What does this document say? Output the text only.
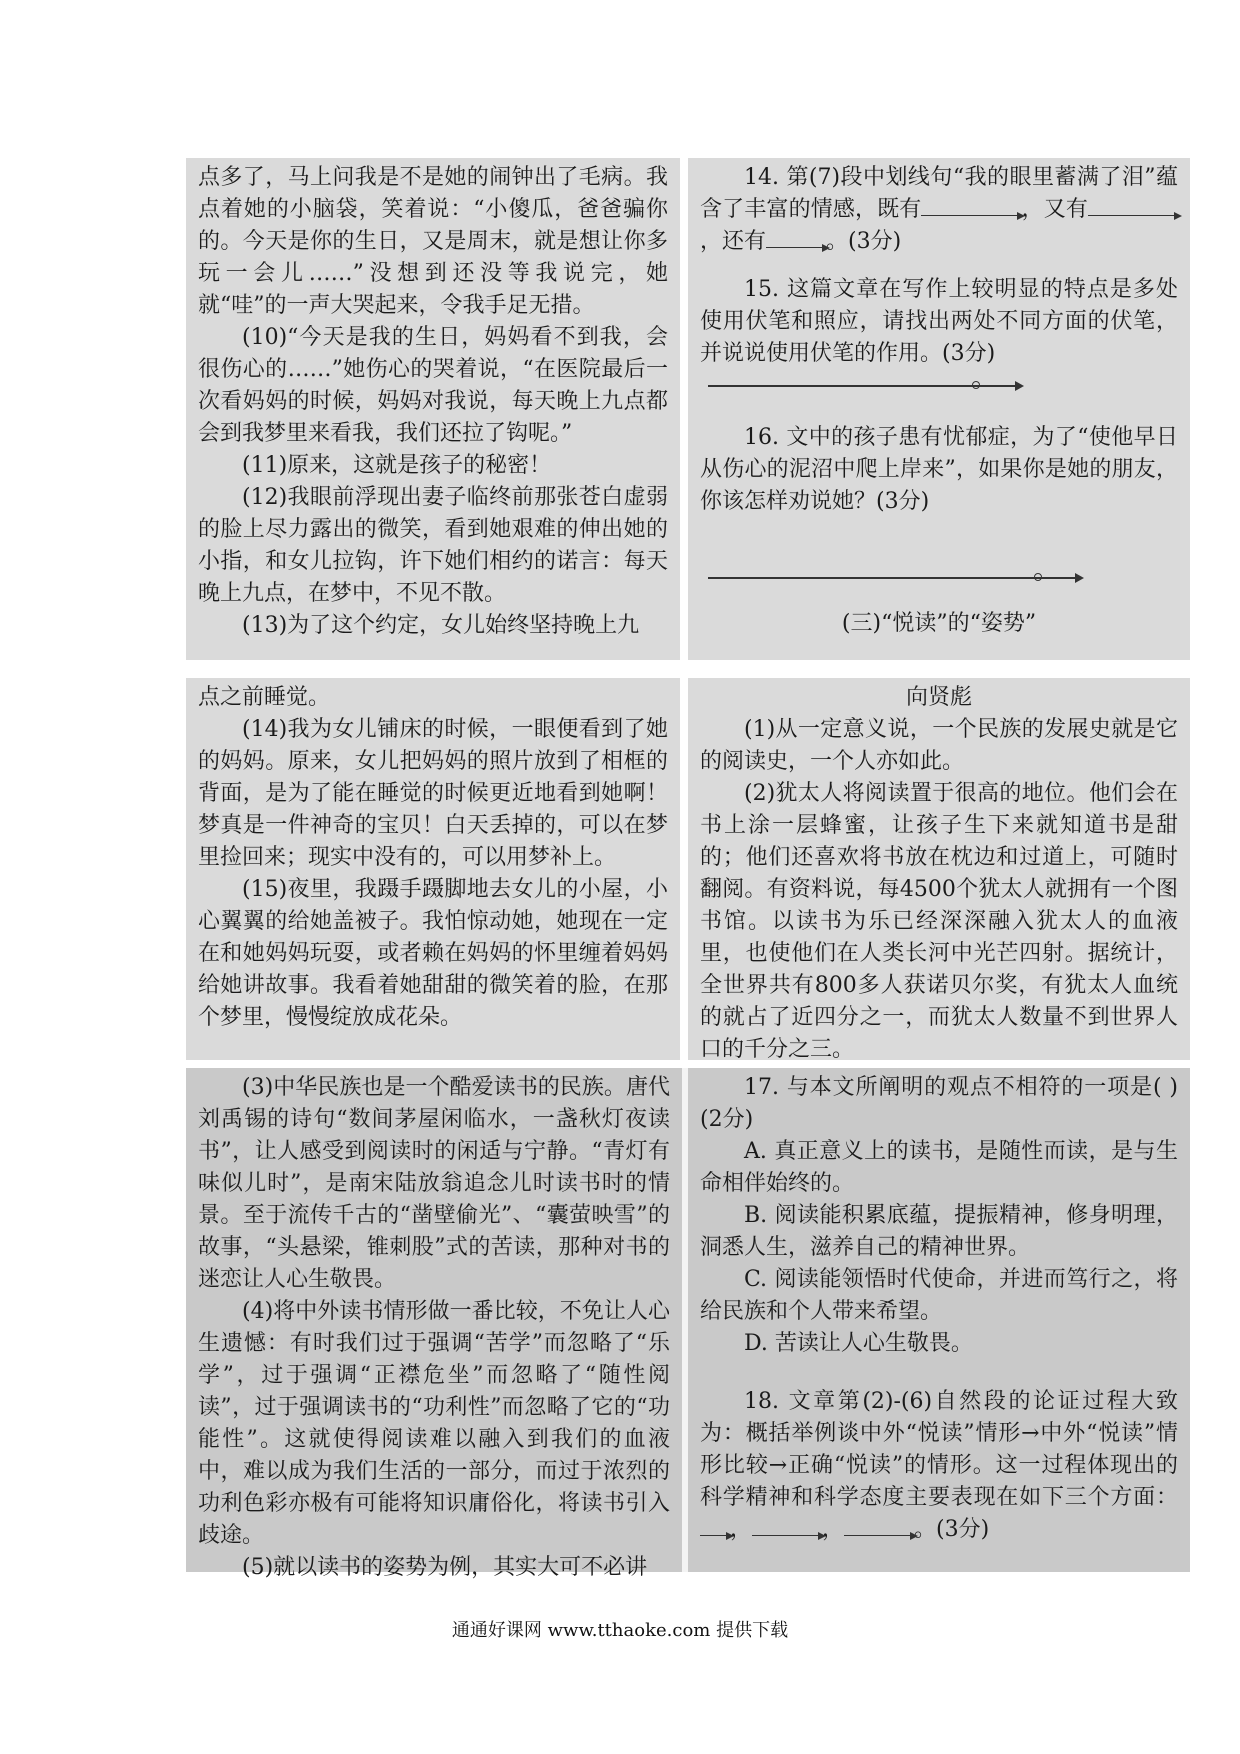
点多了，马上问我是不是她的闹钟出了毛病。我点着她的小脑袋，笑着说：“小傻瓜，爸爸骗你的。今天是你的生日，又是周末，就是想让你多玩一会儿……”没想到还没等我说完，她就“哇”的一声大哭起来，令我手足无措。

(10)“今天是我的生日，妈妈看不到我，会很伤心的……”她伤心的哭着说，“在医院最后一次看妈妈的时候，妈妈对我说，每天晚上九点都会到我梦里来看我，我们还拉了钩呢。”

(11)原来，这就是孩子的秘密！

(12)我眼前浮现出妻子临终前那张苍白虚弱的脸上尽力露出的微笑，看到她艰难的伸出她的小指，和女儿拉钩，许下她们相约的诺言：每天晚上九点，在梦中，不见不散。

(13)为了这个约定，女儿始终坚持晚上九

14. 第(7)段中划线句“我的眼里蓄满了泪”蕴含了丰富的情感，既有	，又有，还有	。(3分)

15. 这篇文章在写作上较明显的特点是多处使用伏笔和照应，请找出两处不同方面的伏笔，并说说使用伏笔的作用。(3分)

16. 文中的孩子患有忧郁症，为了“使他早日从伤心的泥沼中爬上岸来”，如果你是她的朋友，你该怎样劝说她？(3分)

(三)“悦读”的“姿势”

点之前睡觉。

(14)我为女儿铺床的时候，一眼便看到了她的妈妈。原来，女儿把妈妈的照片放到了相框的背面，是为了能在睡觉的时候更近地看到她啊！梦真是一件神奇的宝贝！白天丢掉的，可以在梦里捡回来；现实中没有的，可以用梦补上。

(15)夜里，我蹑手蹑脚地去女儿的小屋，小心翼翼的给她盖被子。我怕惊动她，她现在一定在和她妈妈玩耍，或者赖在妈妈的怀里缠着妈妈给她讲故事。我看着她甜甜的微笑着的脸，在那个梦里，慢慢绽放成花朵。

向贤彪

(1)从一定意义说，一个民族的发展史就是它的阅读史，一个人亦如此。

(2)犹太人将阅读置于很高的地位。他们会在书上涂一层蜂蜜，让孩子生下来就知道书是甜的；他们还喜欢将书放在枕边和过道上，可随时翻阅。有资料说，每4500个犹太人就拥有一个图书馆。以读书为乐已经深深融入犹太人的血液里，也使他们在人类长河中光芒四射。据统计，全世界共有800多人获诺贝尔奖，有犹太人血统的就占了近四分之一，而犹太人数量不到世界人口的千分之三。

(3)中华民族也是一个酷爱读书的民族。唐代刘禹锡的诗句“数间茅屋闲临水，一盏秋灯夜读书”，让人感受到阅读时的闲适与宁静。“青灯有味似儿时”，是南宋陆放翁追念儿时读书时的情景。至于流传千古的“凿壁偷光”、“囊萤映雪”的故事，“头悬梁，锥刺股”式的苦读，那种对书的迷恋让人心生敬畏。

(4)将中外读书情形做一番比较，不免让人心生遗憾：有时我们过于强调“苦学”而忽略了“乐学”，过于强调“正襟危坐”而忽略了“随性阅读”，过于强调读书的“功利性”而忽略了它的“功能性”。这就使得阅读难以融入到我们的血液中，难以成为我们生活的一部分，而过于浓烈的功利色彩亦极有可能将知识庸俗化，将读书引入歧途。

(5)就以读书的姿势为例，其实大可不必讲

17. 与本文所阐明的观点不相符的一项是( )(2分)

A. 真正意义上的读书，是随性而读，是与生命相伴始终的。

B. 阅读能积累底蕴，提振精神，修身明理，洞悉人生，滋养自己的精神世界。

C. 阅读能领悟时代使命，并进而笃行之，将给民族和个人带来希望。

D. 苦读让人心生敬畏。

18. 文章第(2)-(6)自然段的论证过程大致为：概括举例谈中外“悦读”情形→中外“悦读”情形比较→正确“悦读”的情形。这一过程体现出的科学精神和科学态度主要表现在如下三个方面：，	，	。(3分)

通通好课网 www.tthaoke.com 提供下载
